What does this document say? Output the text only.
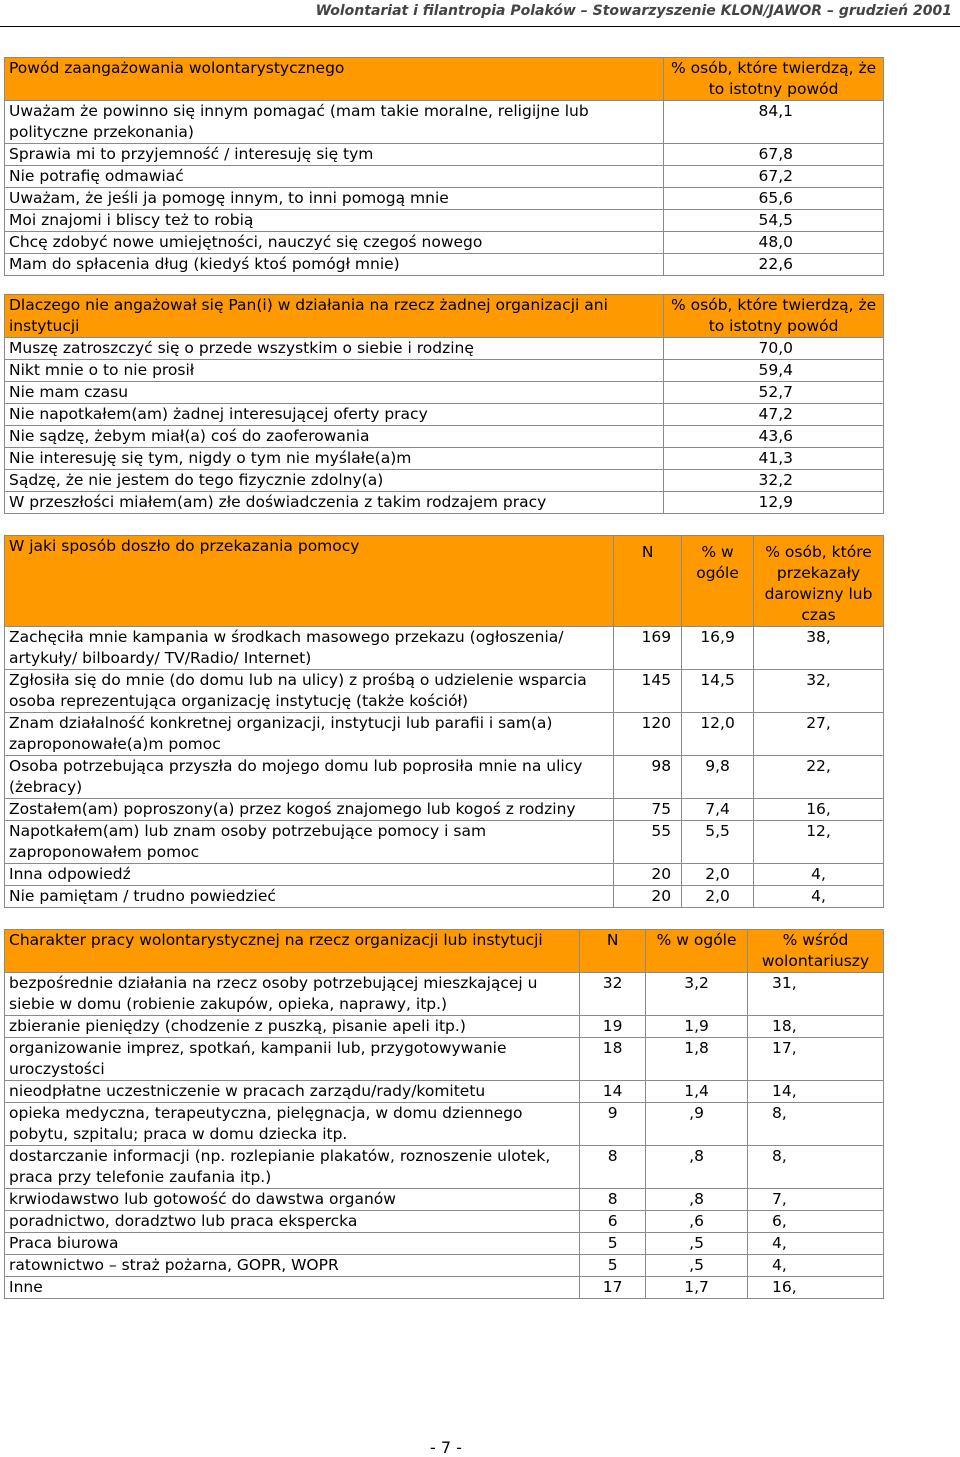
Wolontariat i filantropia Polaków – Stowarzyszenie KLON/JAWOR – grudzień 2001
Powód zaangażowania wolontarystycznego	% osób, które twierdzą, że to istotny powód
Uważam że powinno się innym pomagać (mam takie moralne, religijne lub polityczne przekonania)	84,1
Sprawia mi to przyjemność / interesuję się tym	67,8
Nie potrafię odmawiać	67,2
Uważam, że jeśli ja pomogę innym, to inni pomogą mnie	65,6
Moi znajomi i bliscy też to robią	54,5
Chcę zdobyć nowe umiejętności, nauczyć się czegoś nowego	48,0
Mam do spłacenia dług (kiedyś ktoś pomógł mnie)	22,6
Dlaczego nie angażował się Pan(i) w działania na rzecz żadnej organizacji ani instytucji	% osób, które twierdzą, że to istotny powód
Muszę zatroszczyć się o przede wszystkim o siebie i rodzinę	70,0
Nikt mnie o to nie prosił	59,4
Nie mam czasu	52,7
Nie napotkałem(am) żadnej interesującej oferty pracy	47,2
Nie sądzę, żebym miał(a) coś do zaoferowania	43,6
Nie interesuję się tym, nigdy o tym nie myślałe(a)m	41,3
Sądzę, że nie jestem do tego fizycznie zdolny(a)	32,2
W przeszłości miałem(am) złe doświadczenia z takim rodzajem pracy	12,9
W jaki sposób doszło do przekazania pomocy	N	% w ogóle	% osób, które przekazały darowizny lub czas
Zachęciła mnie kampania w środkach masowego przekazu (ogłoszenia/ artykuły/ bilboardy/ TV/Radio/ Internet)	169	16,9	38,
Zgłosiła się do mnie (do domu lub na ulicy) z prośbą o udzielenie wsparcia osoba reprezentująca organizację instytucję (także kościół)	145	14,5	32,
Znam działalność konkretnej organizacji, instytucji lub parafii i sam(a) zaproponowałe(a)m pomoc	120	12,0	27,
Osoba potrzebująca przyszła do mojego domu lub poprosiła mnie na ulicy (żebracy)	98	9,8	22,
Zostałem(am) poproszony(a) przez kogoś znajomego lub kogoś z rodziny	75	7,4	16,
Napotkałem(am) lub znam osoby potrzebujące pomocy i sam zaproponowałem pomoc	55	5,5	12,
Inna odpowiedź	20	2,0	4,
Nie pamiętam / trudno powiedzieć	20	2,0	4,
Charakter pracy wolontarystycznej na rzecz organizacji lub instytucji	N	% w ogóle	% wśród wolontariuszy
bezpośrednie działania na rzecz osoby potrzebującej mieszkającej u siebie w domu (robienie zakupów, opieka, naprawy, itp.)	32	3,2	31,
zbieranie pieniędzy (chodzenie z puszką, pisanie apeli itp.)	19	1,9	18,
organizowanie imprez, spotkań, kampanii lub, przygotowywanie uroczystości	18	1,8	17,
nieodpłatne uczestniczenie w pracach zarządu/rady/komitetu	14	1,4	14,
opieka medyczna, terapeutyczna, pielęgnacja, w domu dziennego pobytu, szpitalu; praca w domu dziecka itp.	9	,9	8,
dostarczanie informacji (np. rozlepianie plakatów, roznoszenie ulotek, praca przy telefonie zaufania itp.)	8	,8	8,
krwiodawstwo lub gotowość do dawstwa organów	8	,8	7,
poradnictwo, doradztwo lub praca ekspercka	6	,6	6,
Praca biurowa	5	,5	4,
ratownictwo – straż pożarna, GOPR, WOPR	5	,5	4,
Inne	17	1,7	16,
- 7 -
